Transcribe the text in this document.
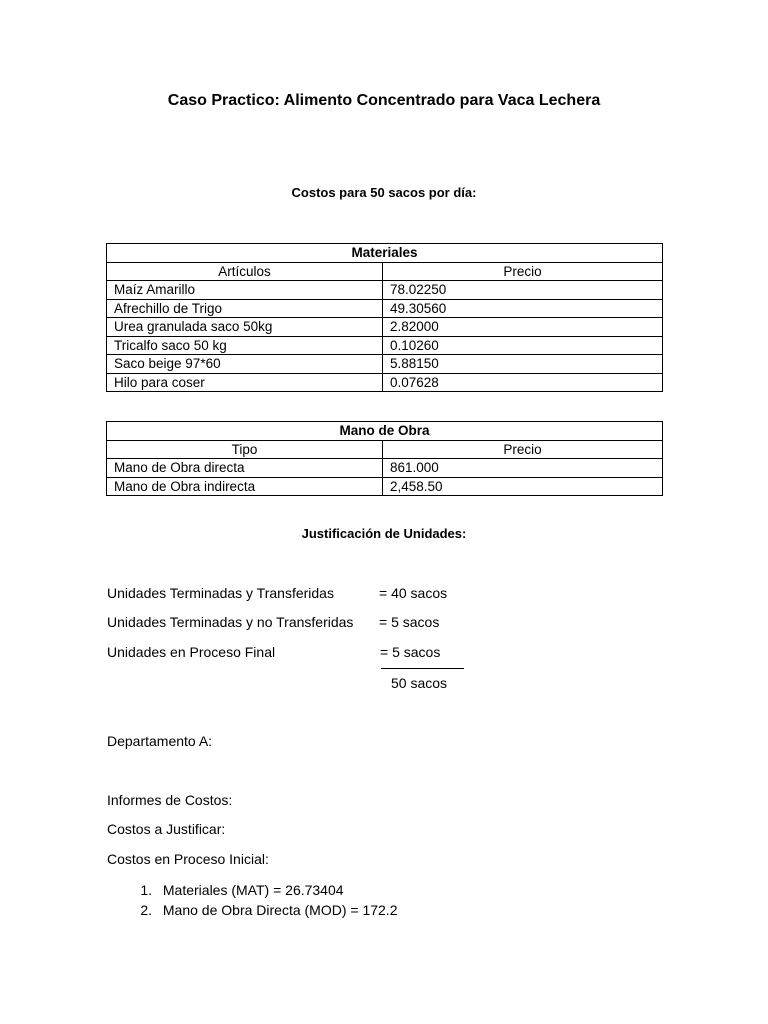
Caso Practico: Alimento Concentrado para Vaca Lechera
Costos para 50 sacos por día:
Materiales	
Artículos	Precio
Maíz Amarillo	78.02250
Afrechillo de Trigo	49.30560
Urea granulada saco 50kg	2.82000
Tricalfo saco 50 kg	0.10260
Saco beige 97*60	5.88150
Hilo para coser	0.07628
Mano de Obra	
Tipo	Precio
Mano de Obra directa	861.000
Mano de Obra indirecta	2,458.50
Justificación de Unidades:
Unidades Terminadas y Transferidas	= 40 sacos
Unidades Terminadas y no Transferidas = 5 sacos
Unidades en Proceso Final	= 5 sacos
50 sacos
Departamento A:
Informes de Costos:
Costos a Justificar:
Costos en Proceso Inicial:
1. Materiales (MAT) = 26.73404
2. Mano de Obra Directa (MOD) = 172.2
